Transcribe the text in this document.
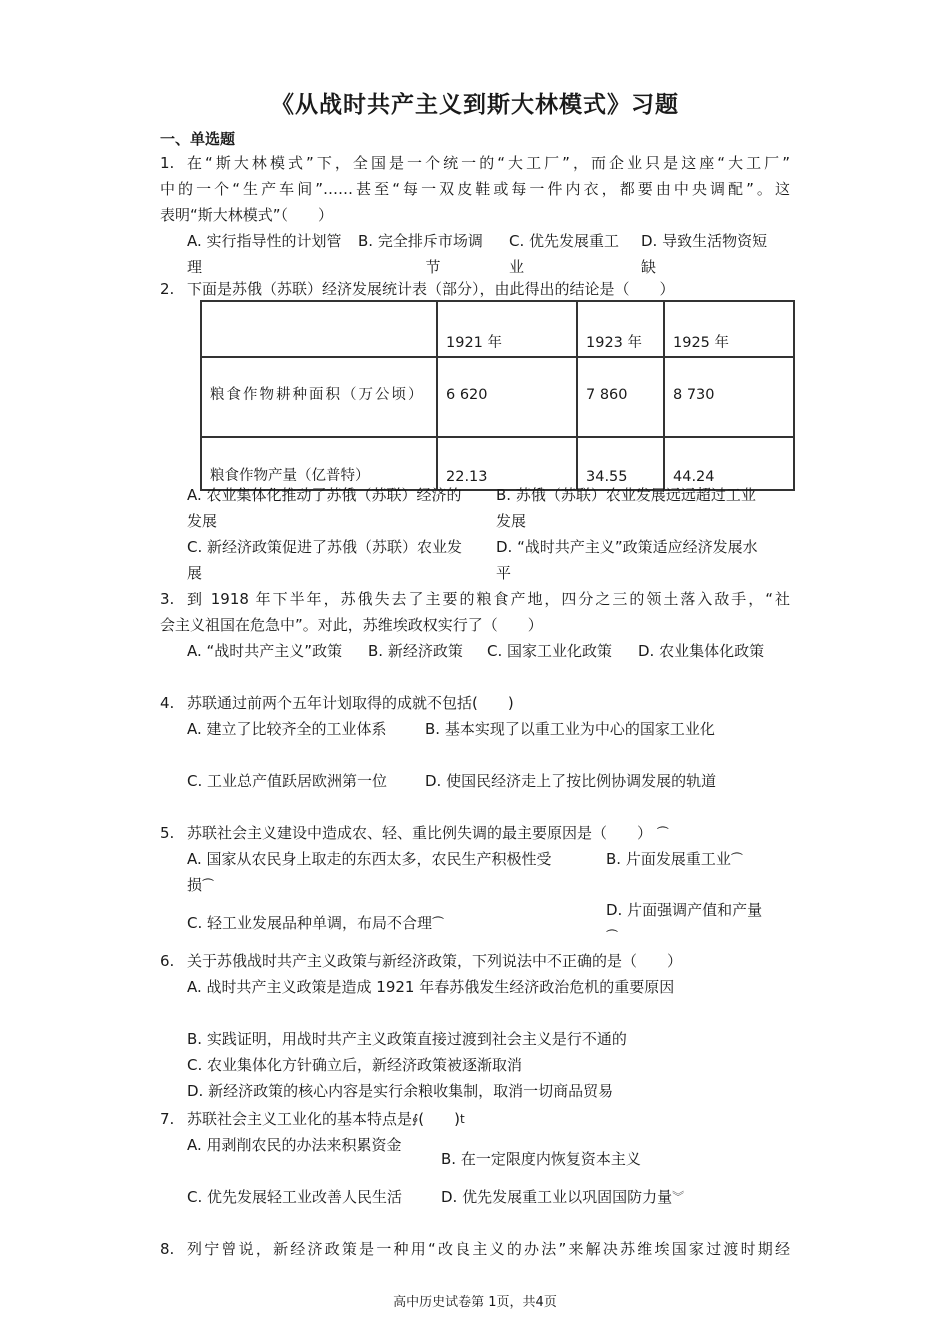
《从战时共产主义到斯大林模式》习题
一、单选题
1. 在“斯大林模式”下，全国是一个统一的“大工厂”，而企业只是这座“大工厂”
中的一个“生产车间”……甚至“每一双皮鞋或每一件内衣，都要由中央调配”。这
表明“斯大林模式”（　　）
A. 实行指导性的计划管
理
B. 完全排斥市场调
节
C. 优先发展重工
业
D. 导致生活物资短
缺
2. 下面是苏俄（苏联）经济发展统计表（部分），由此得出的结论是（　　）
	1921 年	1923 年	1925 年
粮食作物耕种面积（万公顷）	6 620	7 860	8 730
粮食作物产量（亿普特）	22.13	34.55	44.24
A. 农业集体化推动了苏俄（苏联）经济的
发展
B. 苏俄（苏联）农业发展远远超过工业
发展
C. 新经济政策促进了苏俄（苏联）农业发
展
D. “战时共产主义”政策适应经济发展水
平
3. 到 1918 年下半年，苏俄失去了主要的粮食产地，四分之三的领土落入敌手，“社
会主义祖国在危急中”。对此，苏维埃政权实行了（　　）
A. “战时共产主义”政策 B. 新经济政策 C. 国家工业化政策 D. 农业集体化政策
4. 苏联通过前两个五年计划取得的成就不包括(　　)
A. 建立了比较齐全的工业体系	B. 基本实现了以重工业为中心的国家工业化
C. 工业总产值跃居欧洲第一位	D. 使国民经济走上了按比例协调发展的轨道
5. 苏联社会主义建设中造成农、轻、重比例失调的最主要原因是（　　） ⏜
A. 国家从农民身上取走的东西太多，农民生产积极性受
损⏜
B. 片面发展重工业⏜
C. 轻工业发展品种单调，布局不合理⏜
D. 片面强调产值和产量
⏜
6. 关于苏俄战时共产主义政策与新经济政策，下列说法中不正确的是（　　）
A. 战时共产主义政策是造成 1921 年春苏俄发生经济政治危机的重要原因
B. 实践证明，用战时共产主义政策直接过渡到社会主义是行不通的
C. 农业集体化方针确立后，新经济政策被逐渐取消
D. 新经济政策的核心内容是实行余粮收集制，取消一切商品贸易
7. 苏联社会主义工业化的基本特点是⨕(　　)t
A. 用剥削农民的办法来积累资金
B. 在一定限度内恢复资本主义
C. 优先发展轻工业改善人民生活	D. 优先发展重工业以巩固国防力量︾
8. 列宁曾说，新经济政策是一种用“改良主义的办法”来解决苏维埃国家过渡时期经
高中历史试卷第 1页，共4页
